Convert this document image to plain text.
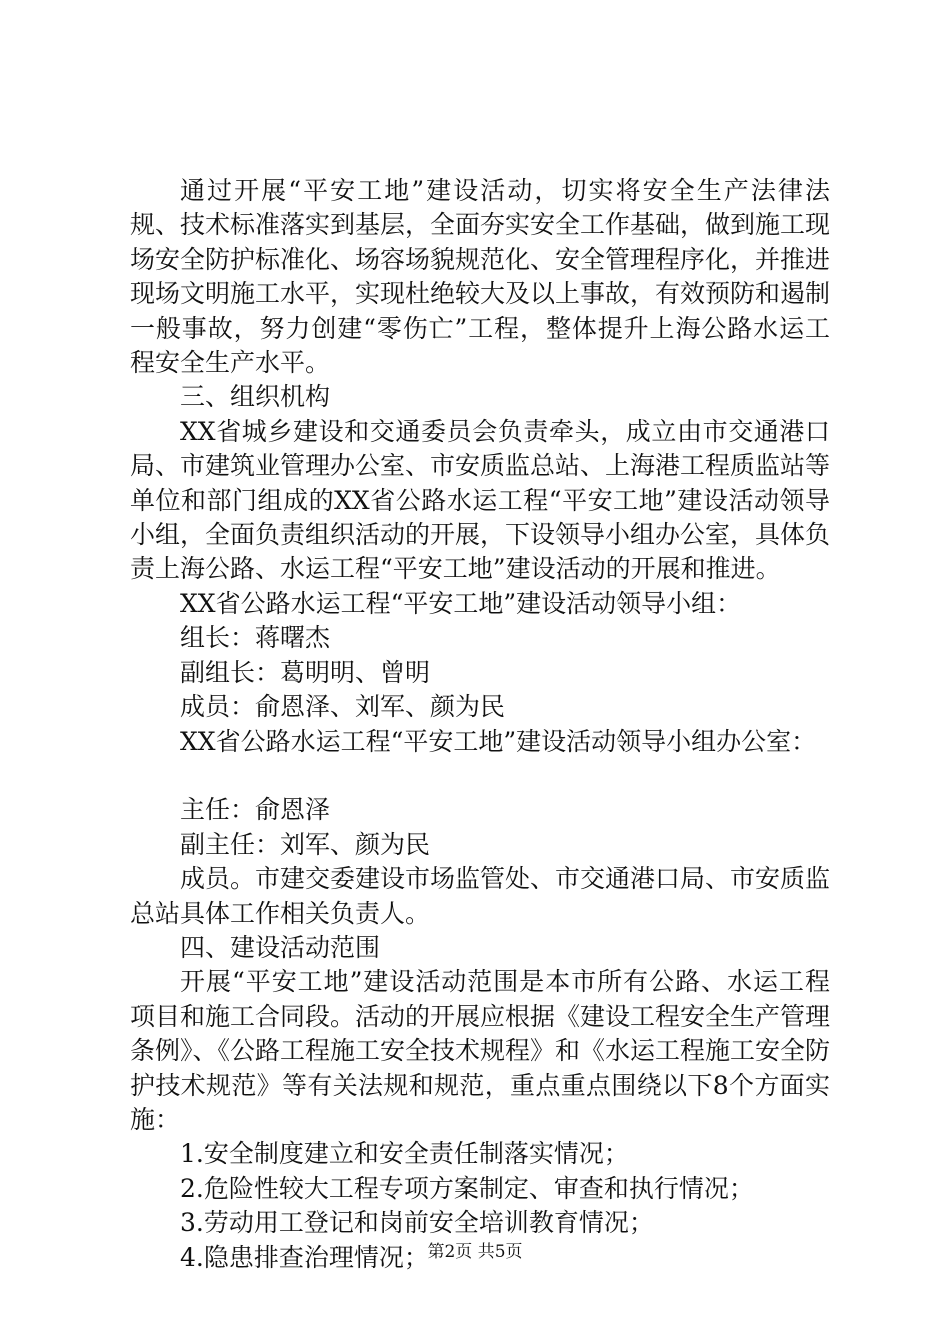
通过开展“平安工地”建设活动，切实将安全生产法律法规、技术标准落实到基层，全面夯实安全工作基础，做到施工现场安全防护标准化、场容场貌规范化、安全管理程序化，并推进现场文明施工水平，实现杜绝较大及以上事故，有效预防和遏制一般事故，努力创建“零伤亡”工程，整体提升上海公路水运工程安全生产水平。

三、组织机构

XX省城乡建设和交通委员会负责牵头，成立由市交通港口局、市建筑业管理办公室、市安质监总站、上海港工程质监站等单位和部门组成的XX省公路水运工程“平安工地”建设活动领导小组，全面负责组织活动的开展，下设领导小组办公室，具体负责上海公路、水运工程“平安工地”建设活动的开展和推进。

XX省公路水运工程“平安工地”建设活动领导小组：

组长：蒋曙杰

副组长：葛明明、曾明

成员：俞恩泽、刘军、颜为民

XX省公路水运工程“平安工地”建设活动领导小组办公室：

主任：俞恩泽

副主任：刘军、颜为民

成员。市建交委建设市场监管处、市交通港口局、市安质监总站具体工作相关负责人。

四、建设活动范围

开展“平安工地”建设活动范围是本市所有公路、水运工程项目和施工合同段。活动的开展应根据《建设工程安全生产管理条例》、《公路工程施工安全技术规程》和《水运工程施工安全防护技术规范》等有关法规和规范，重点重点围绕以下8个方面实施：

1.安全制度建立和安全责任制落实情况；

2.危险性较大工程专项方案制定、审查和执行情况；

3.劳动用工登记和岗前安全培训教育情况；

4.隐患排查治理情况；

第2页 共5页
